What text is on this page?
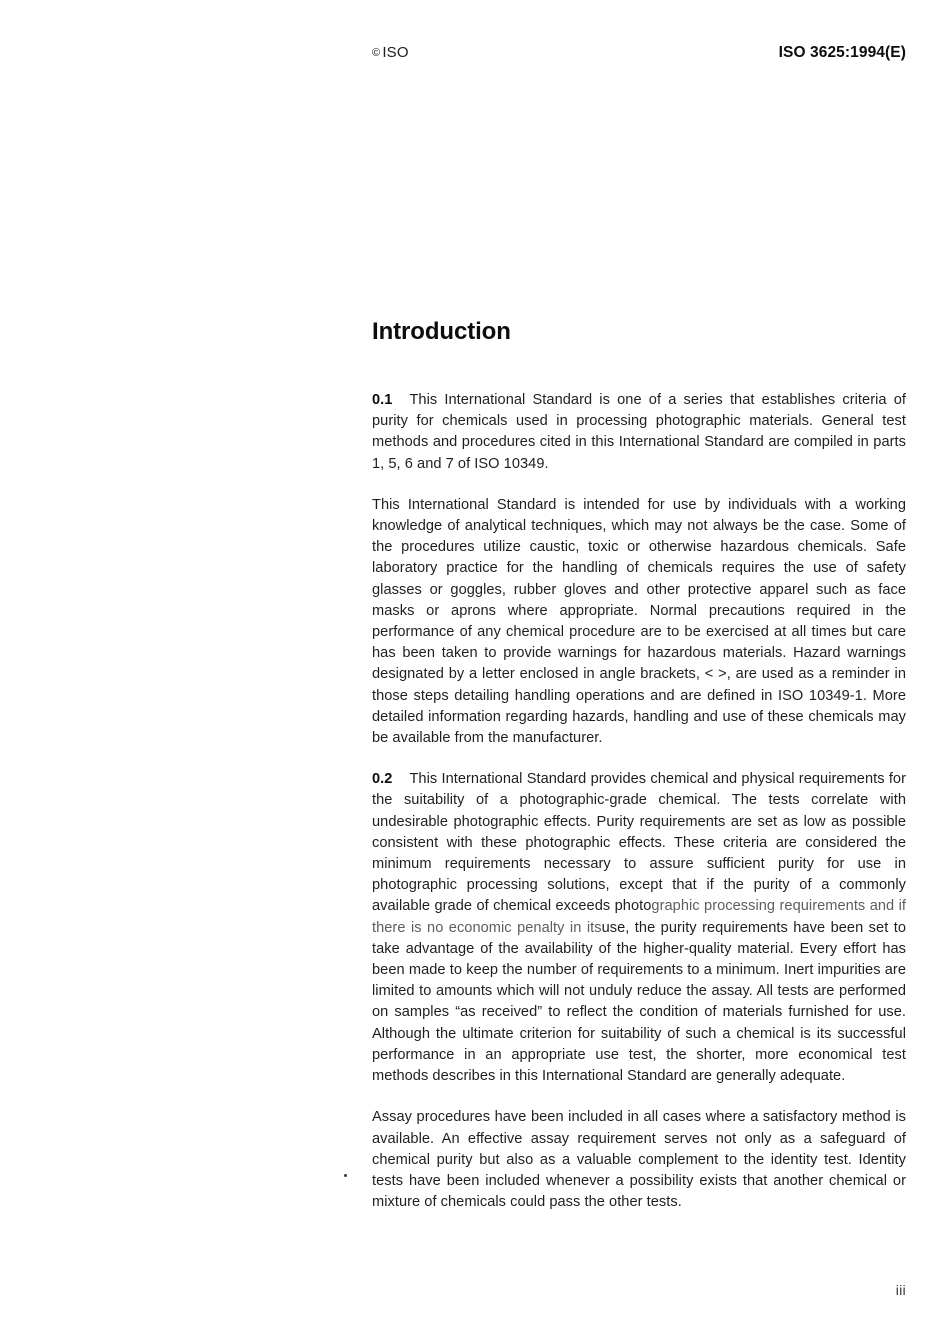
© ISO	ISO 3625:1994(E)
Introduction

0.1 This International Standard is one of a series that establishes criteria of purity for chemicals used in processing photographic materials. General test methods and procedures cited in this International Standard are compiled in parts 1, 5, 6 and 7 of ISO 10349.

This International Standard is intended for use by individuals with a working knowledge of analytical techniques, which may not always be the case. Some of the procedures utilize caustic, toxic or otherwise hazardous chemicals. Safe laboratory practice for the handling of chemicals requires the use of safety glasses or goggles, rubber gloves and other protective apparel such as face masks or aprons where appropriate. Normal precautions required in the performance of any chemical procedure are to be exercised at all times but care has been taken to provide warnings for hazardous materials. Hazard warnings designated by a letter enclosed in angle brackets, < >, are used as a reminder in those steps detailing handling operations and are defined in ISO 10349-1. More detailed information regarding hazards, handling and use of these chemicals may be available from the manufacturer.

0.2 This International Standard provides chemical and physical requirements for the suitability of a photographic-grade chemical. The tests correlate with undesirable photographic effects. Purity requirements are set as low as possible consistent with these photographic effects. These criteria are considered the minimum requirements necessary to assure sufficient purity for use in photographic processing solutions, except that if the purity of a commonly available grade of chemical exceeds photographic processing requirements and if there is no economic penalty in itsuse, the purity requirements have been set to take advantage of the availability of the higher-quality material. Every effort has been made to keep the number of requirements to a minimum. Inert impurities are limited to amounts which will not unduly reduce the assay. All tests are performed on samples “as received” to reflect the condition of materials furnished for use. Although the ultimate criterion for suitability of such a chemical is its successful performance in an appropriate use test, the shorter, more economical test methods describes in this International Standard are generally adequate.

Assay procedures have been included in all cases where a satisfactory method is available. An effective assay requirement serves not only as a safeguard of chemical purity but also as a valuable complement to the identity test. Identity tests have been included whenever a possibility exists that another chemical or mixture of chemicals could pass the other tests.

iii
